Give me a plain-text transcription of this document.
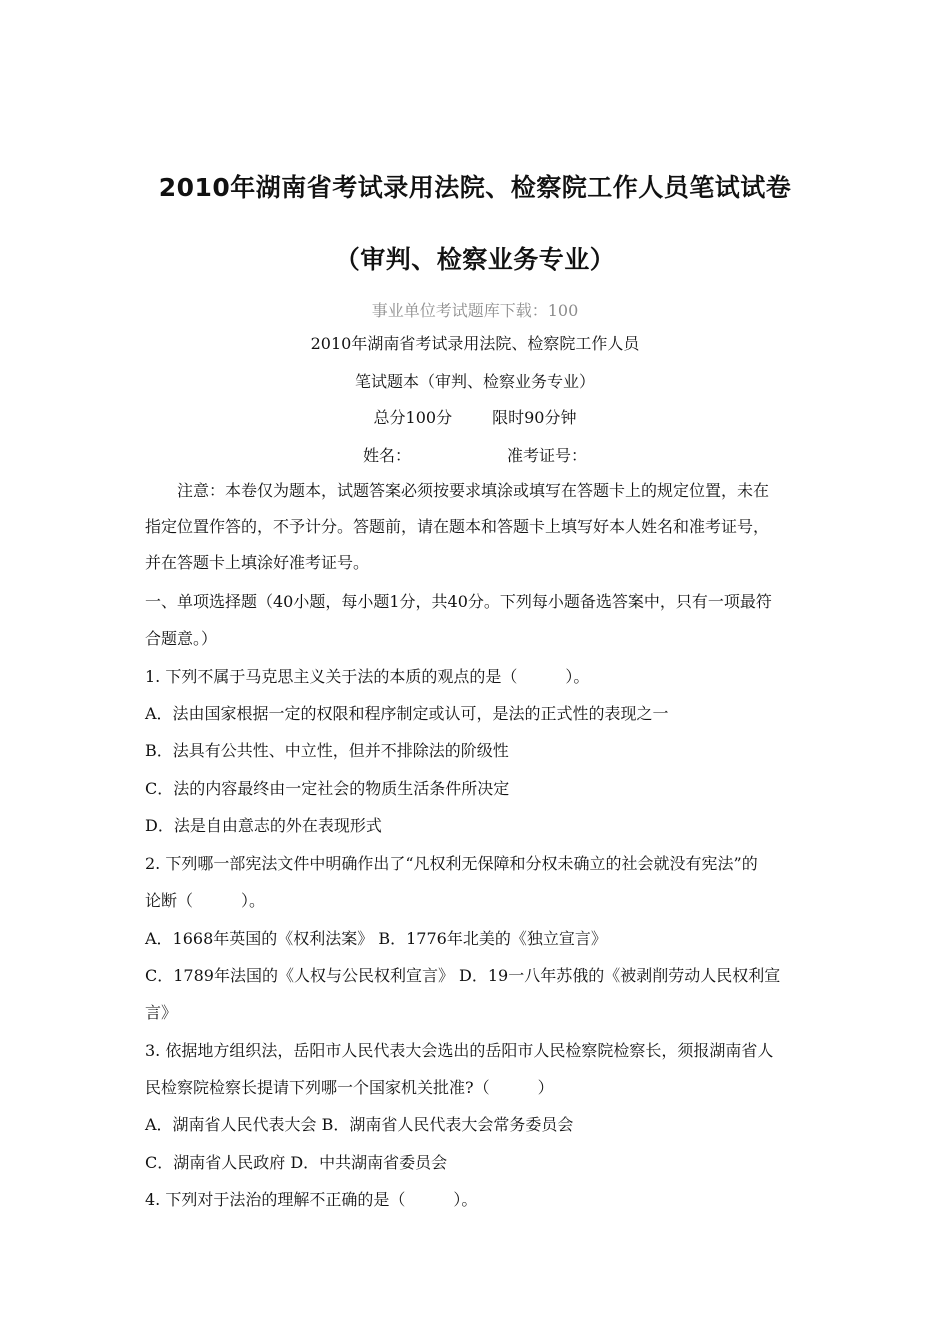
2010年湖南省考试录用法院、检察院工作人员笔试试卷
（审判、检察业务专业）
事业单位考试题库下载：100
2010年湖南省考试录用法院、检察院工作人员
笔试题本（审判、检察业务专业）
总分100分	限时90分钟
姓名：	准考证号：
注意：本卷仅为题本，试题答案必须按要求填涂或填写在答题卡上的规定位置，未在
指定位置作答的，不予计分。答题前，请在题本和答题卡上填写好本人姓名和准考证号，
并在答题卡上填涂好准考证号。
一、单项选择题（40小题，每小题1分，共40分。下列每小题备选答案中，只有一项最符
合题意。）
1. 下列不属于马克思主义关于法的本质的观点的是（　　　）。
A．法由国家根据一定的权限和程序制定或认可，是法的正式性的表现之一
B．法具有公共性、中立性，但并不排除法的阶级性
C．法的内容最终由一定社会的物质生活条件所决定
D．法是自由意志的外在表现形式
2. 下列哪一部宪法文件中明确作出了“凡权利无保障和分权未确立的社会就没有宪法”的
论断（　　　）。
A．1668年英国的《权利法案》 B．1776年北美的《独立宣言》
C．1789年法国的《人权与公民权利宣言》 D．19一八年苏俄的《被剥削劳动人民权利宣
言》
3. 依据地方组织法，岳阳市人民代表大会选出的岳阳市人民检察院检察长，须报湖南省人
民检察院检察长提请下列哪一个国家机关批准?（　　　）
A．湖南省人民代表大会 B．湖南省人民代表大会常务委员会
C．湖南省人民政府 D．中共湖南省委员会
4. 下列对于法治的理解不正确的是（　　　）。
